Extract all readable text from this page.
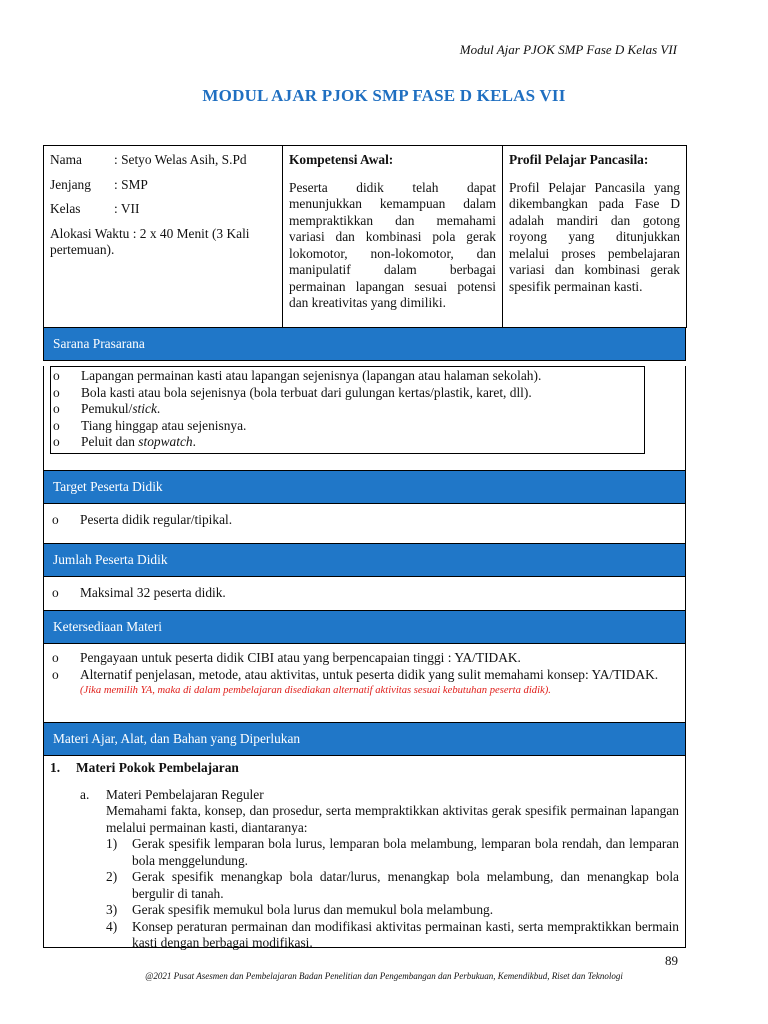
Modul Ajar PJOK SMP Fase D Kelas VII
MODUL AJAR PJOK SMP FASE D KELAS VII
Nama	: Setyo Welas Asih, S.Pd
Jenjang	: SMP
Kelas	: VII
Alokasi Waktu : 2 x 40 Menit (3 Kali pertemuan).

Kompetensi Awal:
Peserta didik telah dapat menunjukkan kemampuan dalam mempraktikkan dan memahami variasi dan kombinasi pola gerak lokomotor, non-lokomotor, dan manipulatif dalam berbagai permainan lapangan sesuai potensi dan kreativitas yang dimiliki.

Profil Pelajar Pancasila:
Profil Pelajar Pancasila yang dikembangkan pada Fase D adalah mandiri dan gotong royong yang ditunjukkan melalui proses pembelajaran variasi dan kombinasi gerak spesifik permainan kasti.
Sarana Prasarana
o	Lapangan permainan kasti atau lapangan sejenisnya (lapangan atau halaman sekolah).
o	Bola kasti atau bola sejenisnya (bola terbuat dari gulungan kertas/plastik, karet, dll).
o	Pemukul/stick.
o	Tiang hinggap atau sejenisnya.
o	Peluit dan stopwatch.
Target Peserta Didik
o	Peserta didik regular/tipikal.
Jumlah Peserta Didik
o	Maksimal 32 peserta didik.
Ketersediaan Materi
o	Pengayaan untuk peserta didik CIBI atau yang berpencapaian tinggi : YA/TIDAK.
o	Alternatif penjelasan, metode, atau aktivitas, untuk peserta didik yang sulit memahami konsep: YA/TIDAK.
(Jika memilih YA, maka di dalam pembelajaran disediakan alternatif aktivitas sesuai kebutuhan peserta didik).
Materi Ajar, Alat, dan Bahan yang Diperlukan
1.	Materi Pokok Pembelajaran
a.	Materi Pembelajaran Reguler
Memahami fakta, konsep, dan prosedur, serta mempraktikkan aktivitas gerak spesifik permainan lapangan melalui permainan kasti, diantaranya:
1)	Gerak spesifik lemparan bola lurus, lemparan bola melambung, lemparan bola rendah, dan lemparan bola menggelundung.
2)	Gerak spesifik menangkap bola datar/lurus, menangkap bola melambung, dan menangkap bola bergulir di tanah.
3)	Gerak spesifik memukul bola lurus dan memukul bola melambung.
4)	Konsep peraturan permainan dan modifikasi aktivitas permainan kasti, serta mempraktikkan bermain kasti dengan berbagai modifikasi.
89
@2021 Pusat Asesmen dan Pembelajaran Badan Penelitian dan Pengembangan dan Perbukuan, Kemendikbud, Riset dan Teknologi
